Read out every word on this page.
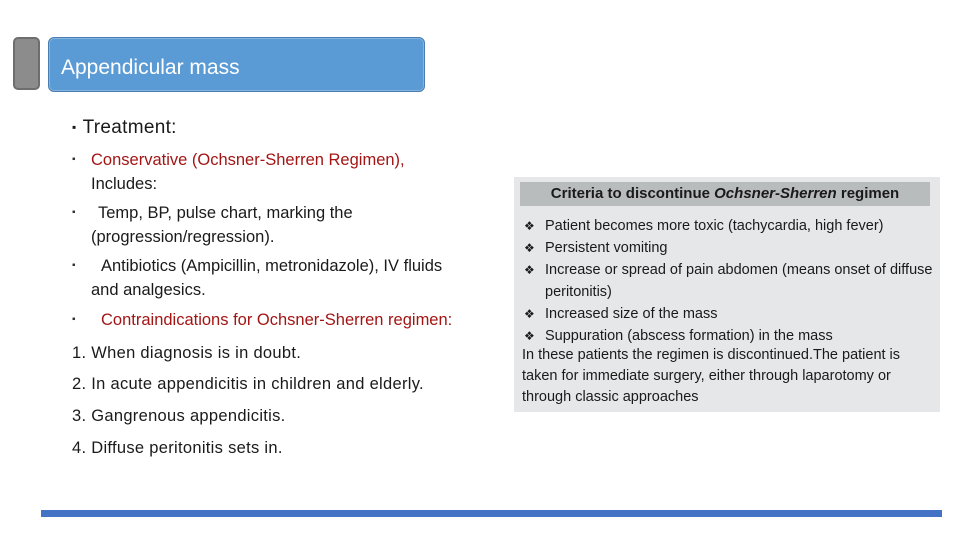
Appendicular mass
▪ Treatment:
▪ Conservative (Ochsner-Sherren Regimen),
Includes:
▪	Temp, BP, pulse chart, marking the
(progression/regression).
▪	Antibiotics (Ampicillin, metronidazole), IV fluids
and analgesics.
▪	Contraindications for Ochsner-Sherren regimen:
1. When diagnosis is in doubt.
2. In acute appendicitis in children and elderly.
3. Gangrenous appendicitis.
4. Diffuse peritonitis sets in.
Criteria to discontinue Ochsner-Sherren regimen
❖ Patient becomes more toxic (tachycardia, high fever)
❖ Persistent vomiting
❖ Increase or spread of pain abdomen (means onset of diffuse peritonitis)
❖ Increased size of the mass
❖ Suppuration (abscess formation) in the mass
In these patients the regimen is discontinued.The patient is taken for immediate surgery, either through laparotomy or through classic approaches
